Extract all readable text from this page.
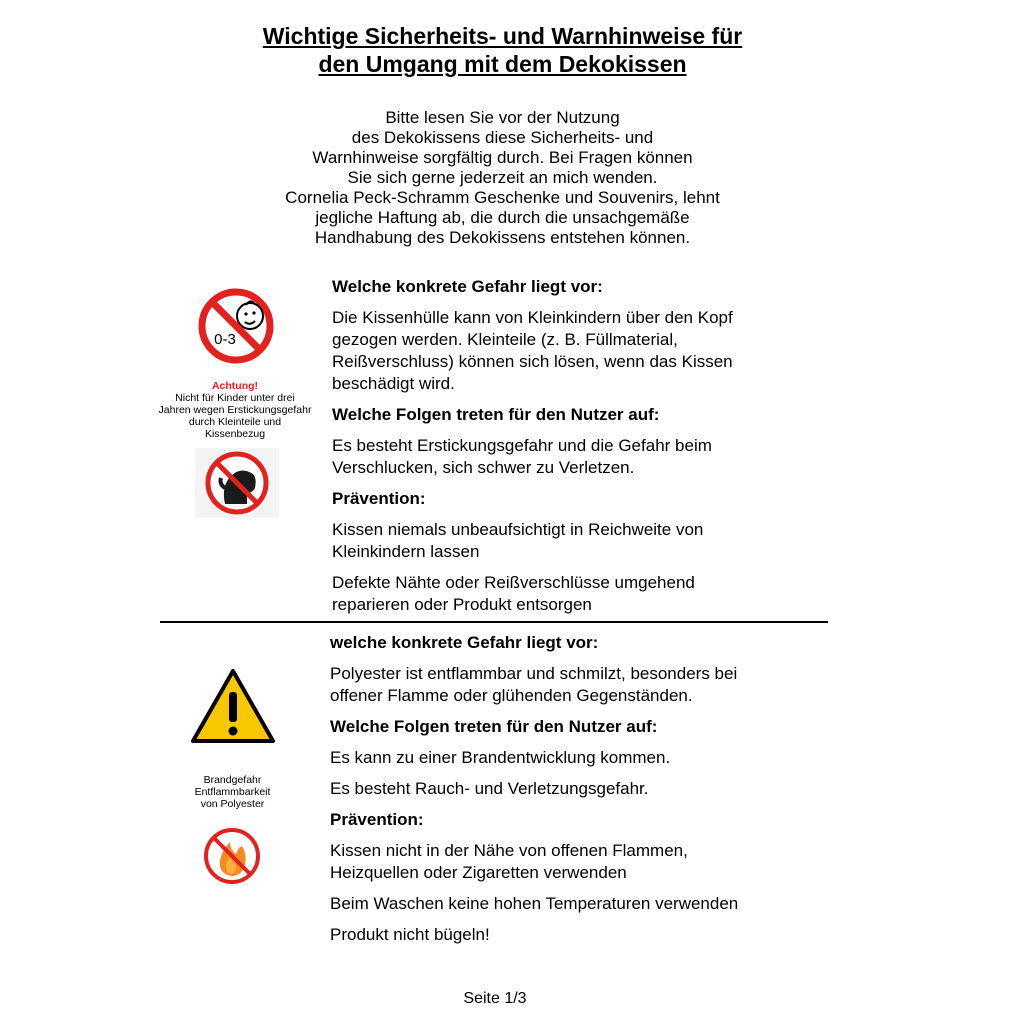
Wichtige Sicherheits- und Warnhinweise für
den Umgang mit dem Dekokissen
Bitte lesen Sie vor der Nutzung
des Dekokissens diese Sicherheits- und
Warnhinweise sorgfältig durch. Bei Fragen können
Sie sich gerne jederzeit an mich wenden.
Cornelia Peck-Schramm Geschenke und Souvenirs, lehnt
jegliche Haftung ab, die durch die unsachgemäße
Handhabung des Dekokissens entstehen können.
0-3
Achtung!
Nicht für Kinder unter drei
Jahren wegen Erstickungsgefahr
durch Kleinteile und
Kissenbezug
Welche konkrete Gefahr liegt vor:
Die Kissenhülle kann von Kleinkindern über den Kopf
gezogen werden. Kleinteile (z. B. Füllmaterial,
Reißverschluss) können sich lösen, wenn das Kissen
beschädigt wird.
Welche Folgen treten für den Nutzer auf:
Es besteht Erstickungsgefahr und die Gefahr beim
Verschlucken, sich schwer zu Verletzen.
Prävention:
Kissen niemals unbeaufsichtigt in Reichweite von
Kleinkindern lassen
Defekte Nähte oder Reißverschlüsse umgehend
reparieren oder Produkt entsorgen
Brandgefahr
Entflammbarkeit
von Polyester
welche konkrete Gefahr liegt vor:
Polyester ist entflammbar und schmilzt, besonders bei
offener Flamme oder glühenden Gegenständen.
Welche Folgen treten für den Nutzer auf:
Es kann zu einer Brandentwicklung kommen.
Es besteht Rauch- und Verletzungsgefahr.
Prävention:
Kissen nicht in der Nähe von offenen Flammen,
Heizquellen oder Zigaretten verwenden
Beim Waschen keine hohen Temperaturen verwenden
Produkt nicht bügeln!
Seite 1/3
